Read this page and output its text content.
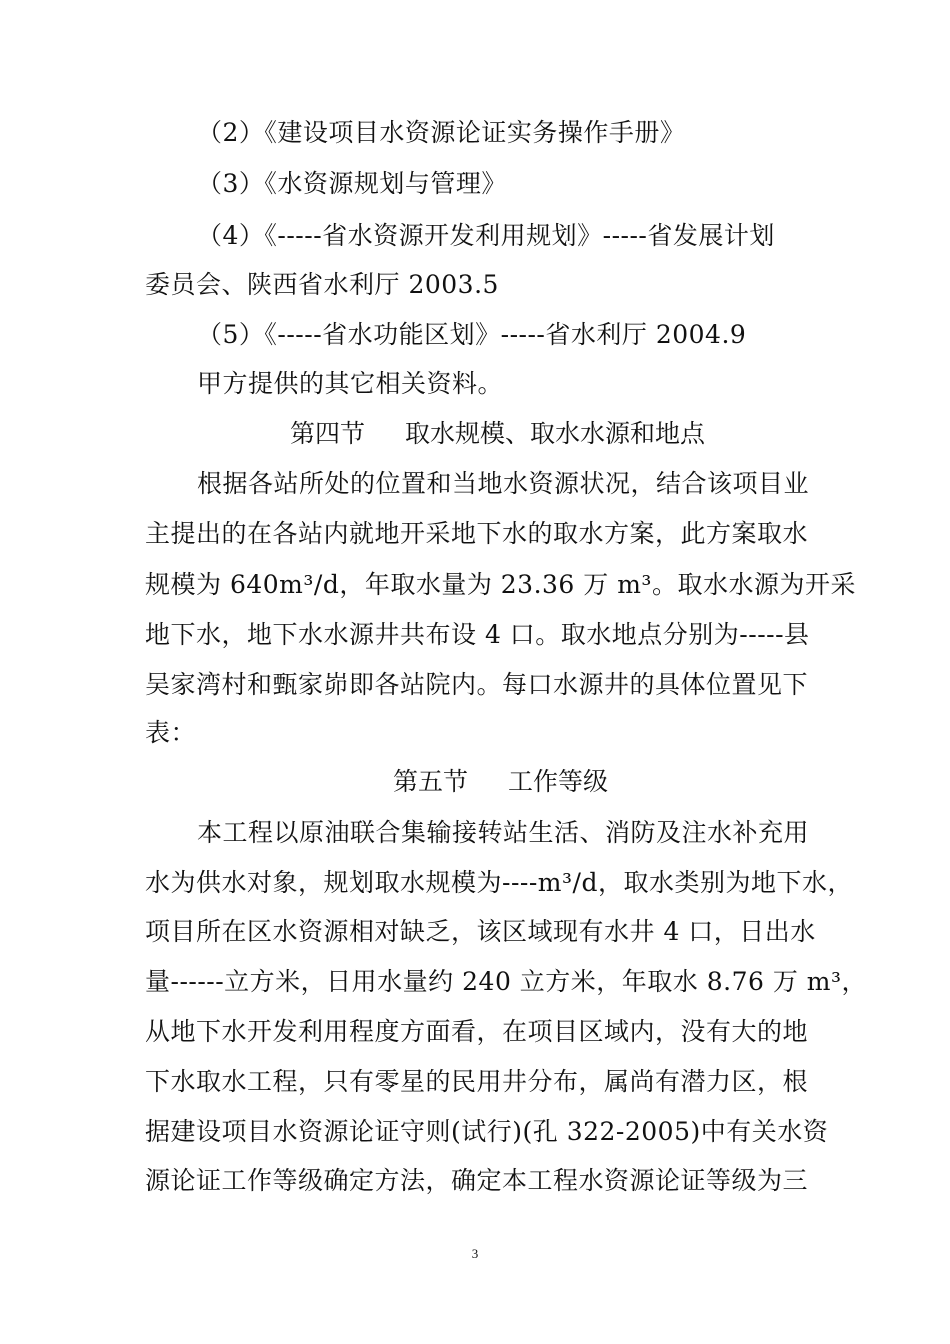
（2）《建设项目水资源论证实务操作手册》
（3）《水资源规划与管理》
（4）《-----省水资源开发利用规划》-----省发展计划
委员会、陕西省水利厅 2003.5
（5）《-----省水功能区划》-----省水利厅 2004.9
甲方提供的其它相关资料。
第四节 取水规模、取水水源和地点
根据各站所处的位置和当地水资源状况，结合该项目业
主提出的在各站内就地开采地下水的取水方案，此方案取水
规模为 640m³/d，年取水量为 23.36 万 m³。取水水源为开采
地下水，地下水水源井共布设 4 口。取水地点分别为-----县
吴家湾村和甄家峁即各站院内。每口水源井的具体位置见下
表：
第五节 工作等级
本工程以原油联合集输接转站生活、消防及注水补充用
水为供水对象，规划取水规模为----m³/d，取水类别为地下水，
项目所在区水资源相对缺乏，该区域现有水井 4 口，日出水
量------立方米，日用水量约 240 立方米，年取水 8.76 万 m³，
从地下水开发利用程度方面看，在项目区域内，没有大的地
下水取水工程，只有零星的民用井分布，属尚有潜力区，根
据建设项目水资源论证守则(试行)(孔 322-2005)中有关水资
源论证工作等级确定方法，确定本工程水资源论证等级为三
3
